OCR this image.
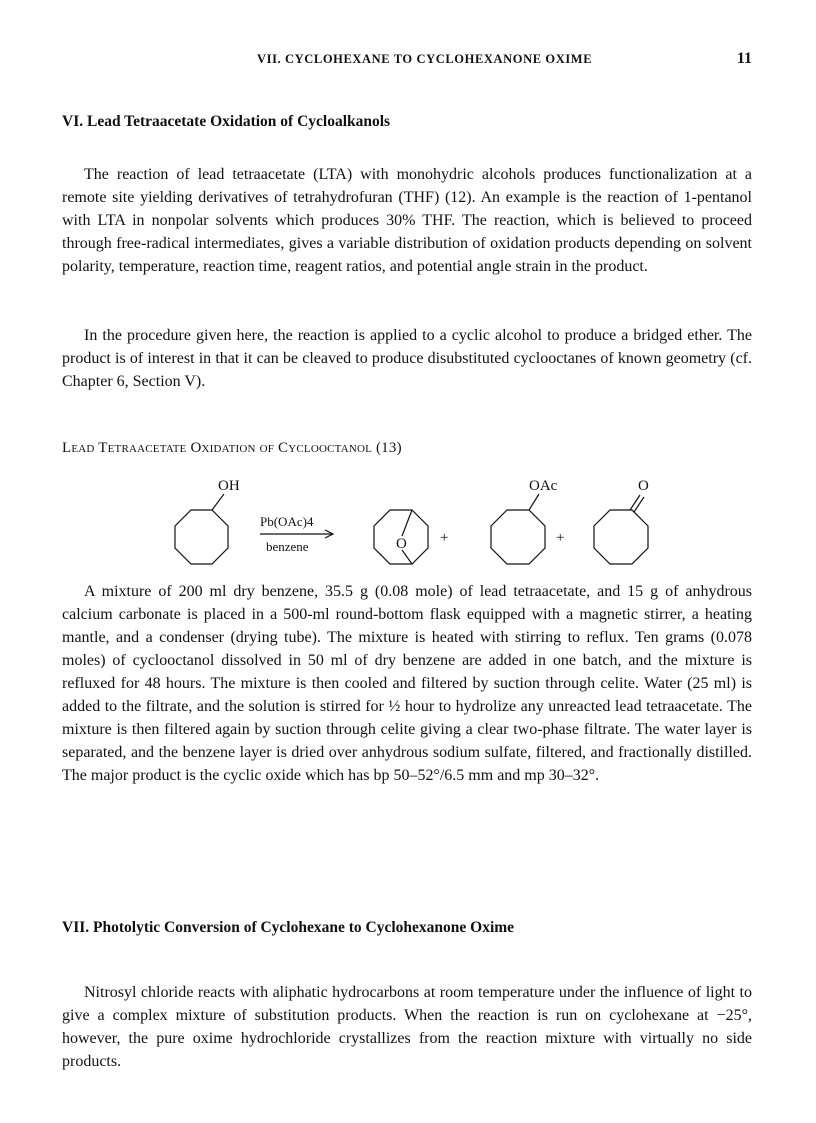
VII. CYCLOHEXANE TO CYCLOHEXANONE OXIME	11
VI. Lead Tetraacetate Oxidation of Cycloalkanols

The reaction of lead tetraacetate (LTA) with monohydric alcohols produces functionalization at a remote site yielding derivatives of tetrahydrofuran (THF) (12). An example is the reaction of 1-pentanol with LTA in nonpolar solvents which produces 30% THF. The reaction, which is believed to proceed through free-radical intermediates, gives a variable distribution of oxidation products depending on solvent polarity, temperature, reaction time, reagent ratios, and potential angle strain in the product.

In the procedure given here, the reaction is applied to a cyclic alcohol to produce a bridged ether. The product is of interest in that it can be cleaved to produce disubstituted cyclooctanes of known geometry (cf. Chapter 6, Section V).

Lead Tetraacetate Oxidation of Cyclooctanol (13)
OH
Pb(OAc)4
benzene	O +
OAc
+
O

A mixture of 200 ml dry benzene, 35.5 g (0.08 mole) of lead tetraacetate, and 15 g of anhydrous calcium carbonate is placed in a 500-ml round-bottom flask equipped with a magnetic stirrer, a heating mantle, and a condenser (drying tube). The mixture is heated with stirring to reflux. Ten grams (0.078 moles) of cyclooctanol dissolved in 50 ml of dry benzene are added in one batch, and the mixture is refluxed for 48 hours. The mixture is then cooled and filtered by suction through celite. Water (25 ml) is added to the filtrate, and the solution is stirred for ½ hour to hydrolize any unreacted lead tetraacetate. The mixture is then filtered again by suction through celite giving a clear two-phase filtrate. The water layer is separated, and the benzene layer is dried over anhydrous sodium sulfate, filtered, and fractionally distilled. The major product is the cyclic oxide which has bp 50–52°/6.5 mm and mp 30–32°.

VII. Photolytic Conversion of Cyclohexane to Cyclohexanone Oxime

Nitrosyl chloride reacts with aliphatic hydrocarbons at room temperature under the influence of light to give a complex mixture of substitution products. When the reaction is run on cyclohexane at −25°, however, the pure oxime hydrochloride crystallizes from the reaction mixture with virtually no side products.
